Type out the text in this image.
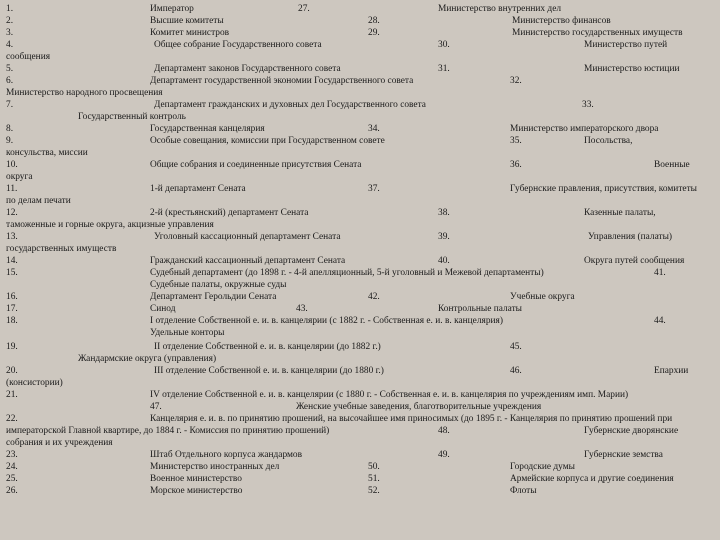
1.	Император	27.	Министерство внутренних дел
2.	Высшие комитеты	28.	Министерство финансов
3.	Комитет министров	29.	Министерство государственных имуществ
4.	Общее собрание Государственного совета	30.	Министерство путей
сообщения
5.	Департамент законов Государственного совета	31.	Министерство юстиции
6.	Департамент государственной экономии Государственного совета	32.
Министерство народного просвещения
7.	Департамент гражданских и духовных дел Государственного совета	33.
Государственный контроль
8.	Государственная канцелярия	34.	Министерство императорского двора
9.	Особые совещания, комиссии при Государственном совете	35.	Посольства,
консульства, миссии
10.	Общие собрания и соединенные присутствия Сената	36.	Военные
округа
11.	1-й департамент Сената	37.	Губернские правления, присутствия, комитеты
по делам печати
12.	2-й (крестьянский) департамент Сената	38.	Казенные палаты,
таможенные и горные округа, акцизные управления
13.	Уголовный кассационный департамент Сената	39.	Управления (палаты)
государственных имуществ
14.	Гражданский кассационный департамент Сената	40.	Округа путей сообщения
15.	Судебный департамент (до 1898 г. - 4-й апелляционный, 5-й уголовный и Межевой департаменты)	41.
Судебные палаты, окружные суды
16.	Департамент Герольдии Сената	42.	Учебные округа
17.	Синод	43.	Контрольные палаты
18.	I отделение Собственной е. и. в. канцелярии (с 1882 г. - Собственная е. и. в. канцелярия)	44.
Удельные конторы
19.	II отделение Собственной е. и. в. канцелярии (до 1882 г.)	45.
Жандармские округа (управления)
20.	III отделение Собственной е. и. в. канцелярии (до 1880 г.)	46.	Епархии
(консистории)
21.	IV отделение Собственной е. и. в. канцелярии (с 1880 г. - Собственная е. и. в. канцелярия по учреждениям имп. Марии)
47.	Женские учебные заведения, благотворительные учреждения
22.	Канцелярия е. и. в. по принятию прошений, на высочайшее имя приносимых (до 1895 г. - Канцелярия по принятию прошений при
императорской Главной квартире, до 1884 г. - Комиссия по принятию прошений)	48.	Губернские дворянские
собрания и их учреждения
23.	Штаб Отдельного корпуса жандармов	49.	Губернские земства
24.	Министерство иностранных дел	50.	Городские думы
25.	Военное министерство	51.	Армейские корпуса и другие соединения
26.	Морское министерство	52.	Флоты
